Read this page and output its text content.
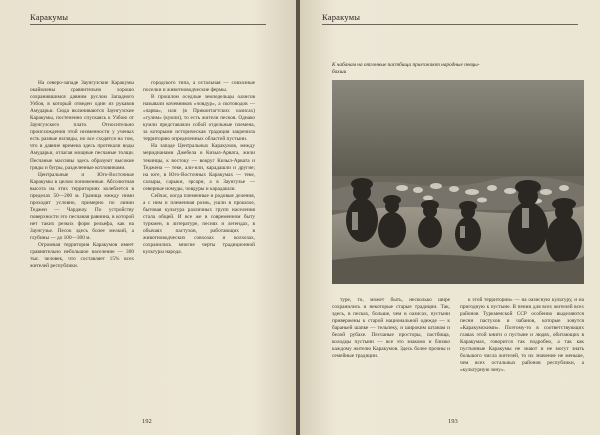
Каракумы

На северо-западе Заунгузские Каракумы окаймлены сравнительно хорошо сохранившимся давним руслом Западного Узбоя, в который отведен один из рукавов Амударьи. Сюда вклиниваются Заунгузские Каракумы, постепенно спускаясь к Узбою от Заунгузского плато. Относительно происхождения этой низменности у ученых есть разные взгляды, но все сходятся на том, что в давние времена здесь протекали воды Амударьи, отлагая мощные песчаные толщи. Песчаные массивы здесь образуют высокие гряды и бугры, разделенные котловинами.

Центральные и Юго-Восточные Каракумы в целом пониженные. Абсолютная высота на этих территориях колеблется в пределах 50—200 м. Граница между ними проходит условно, примерно по линии Теджен — Чарджоу. По устройству поверхности это песчаная равнина, в которой нет таких резких форм рельефа, как на Заунгузье. Песок здесь более мелкий, а глубины — до 100—300 м.

Огромная территория Каракумов имеет сравнительно небольшое население — 300 тыс. человек, что составляет 15% всех жителей республики.

городского типа, а остальная — совхозные поселки и животноводческие фермы.

В прошлом оседлые земледельцы оазисов называли кочевников «човдур», а скотоводов — «чарва», или (в Приконтагтских оазисах) «гулим» (кумли), то есть жители песков. Однако кумли представляли собой отдельные племена, за которыми историческая традиция закрепила территорию определенных областей пустыни.

На западе Центральных Каракумов, между меридианами Джебела и Кизыл-Арвата, жили текинцы, к востоку — вокруг Кизыл-Арвата и Теджена — теке, али-или, карадашли и другие; на юге, в Юго-Восточных Каракумах — теке, салыры, сарыки, эрсари, а в Заунгузье — северные иомуды, човдуры и карадашли.

Сейчас, когда племенные и родовые деления, а с ним и племенная рознь, ушли в прошлое, бытовая культура различных групп населения стала общей. И все же в современном быту туркмен, в литературе, песнях и легендах, в обычаях пастухов, работающих в животноводческих совхозах и колхозах, сохранились многие черты традиционной культуры народа.

192
Каракумы
К чабанам на отгонные пастбища приезжают народные певцы-бахши

туре, то, может быть, несколько шире сохранились и некоторые старые традиции. Так, здесь, в песках, больше, чем в оазисах, пустыни привержены к старой национальной одежде — к бараньей шапке — тельпеку, и широким штанам и белой рубахе. Песчаные просторы, пастбища, колодцы пустыни — все это знакомо и близко каждому жителю Каракумов. Здесь более прочны и семейные традиции.

к этой территории» — на оазисную культуру, и на пригодную к пустыне. В пении для всех жителей всех районов Туркменской ССР особенно выделяются песни пастухов и чабанов, которые зовутся «Каракумскими». Поэтому-то в соответствующих главах этой книги о пустыне и людях, обитающих в Каракумах, говорится так подробно, а так как пустынные Каракумы не знают и не могут знать большого числа жителей, то их значение не меньше, чем всех остальных районов республики, а «культурную зону».

193
